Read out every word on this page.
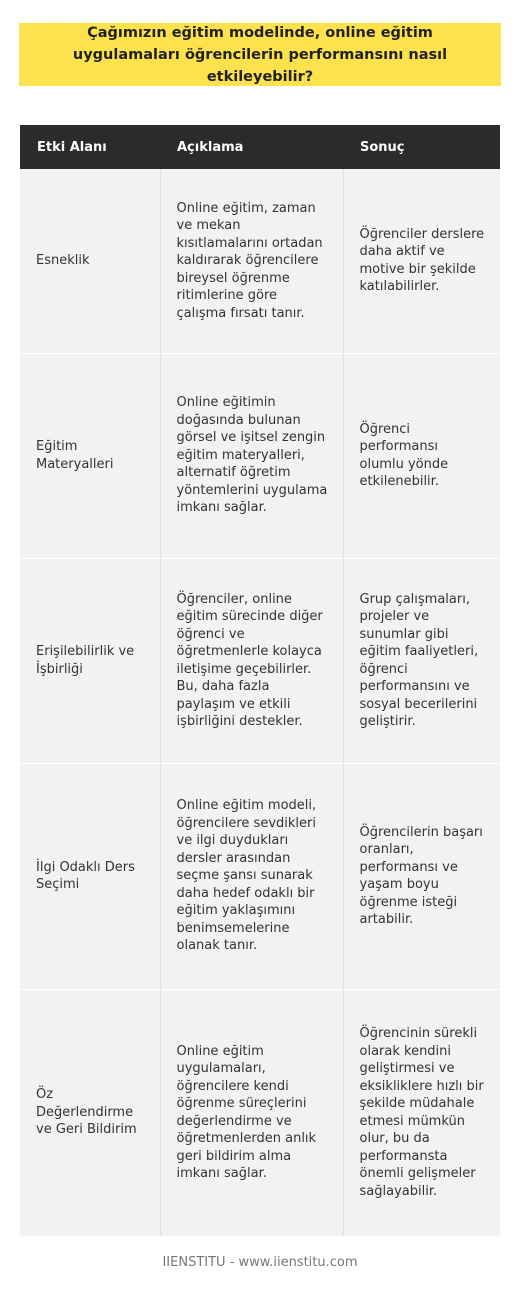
Çağımızın eğitim modelinde, online eğitim uygulamaları öğrencilerin performansını nasıl etkileyebilir?
Etki Alanı	Açıklama	Sonuç
Esneklik	Online eğitim, zaman ve mekan kısıtlamalarını ortadan kaldırarak öğrencilere bireysel öğrenme ritimlerine göre çalışma fırsatı tanır.	Öğrenciler derslere daha aktif ve motive bir şekilde katılabilirler.
Eğitim Materyalleri	Online eğitimin doğasında bulunan görsel ve işitsel zengin eğitim materyalleri, alternatif öğretim yöntemlerini uygulama imkanı sağlar.	Öğrenci performansı olumlu yönde etkilenebilir.
Erişilebilirlik ve İşbirliği	Öğrenciler, online eğitim sürecinde diğer öğrenci ve öğretmenlerle kolayca iletişime geçebilirler. Bu, daha fazla paylaşım ve etkili işbirliğini destekler.	Grup çalışmaları, projeler ve sunumlar gibi eğitim faaliyetleri, öğrenci performansını ve sosyal becerilerini geliştirir.
İlgi Odaklı Ders Seçimi	Online eğitim modeli, öğrencilere sevdikleri ve ilgi duydukları dersler arasından seçme şansı sunarak daha hedef odaklı bir eğitim yaklaşımını benimsemelerine olanak tanır.	Öğrencilerin başarı oranları, performansı ve yaşam boyu öğrenme isteği artabilir.
Öz Değerlendirme ve Geri Bildirim	Online eğitim uygulamaları, öğrencilere kendi öğrenme süreçlerini değerlendirme ve öğretmenlerden anlık geri bildirim alma imkanı sağlar.	Öğrencinin sürekli olarak kendini geliştirmesi ve eksikliklere hızlı bir şekilde müdahale etmesi mümkün olur, bu da performansta önemli gelişmeler sağlayabilir.
IIENSTITU - www.iienstitu.com
